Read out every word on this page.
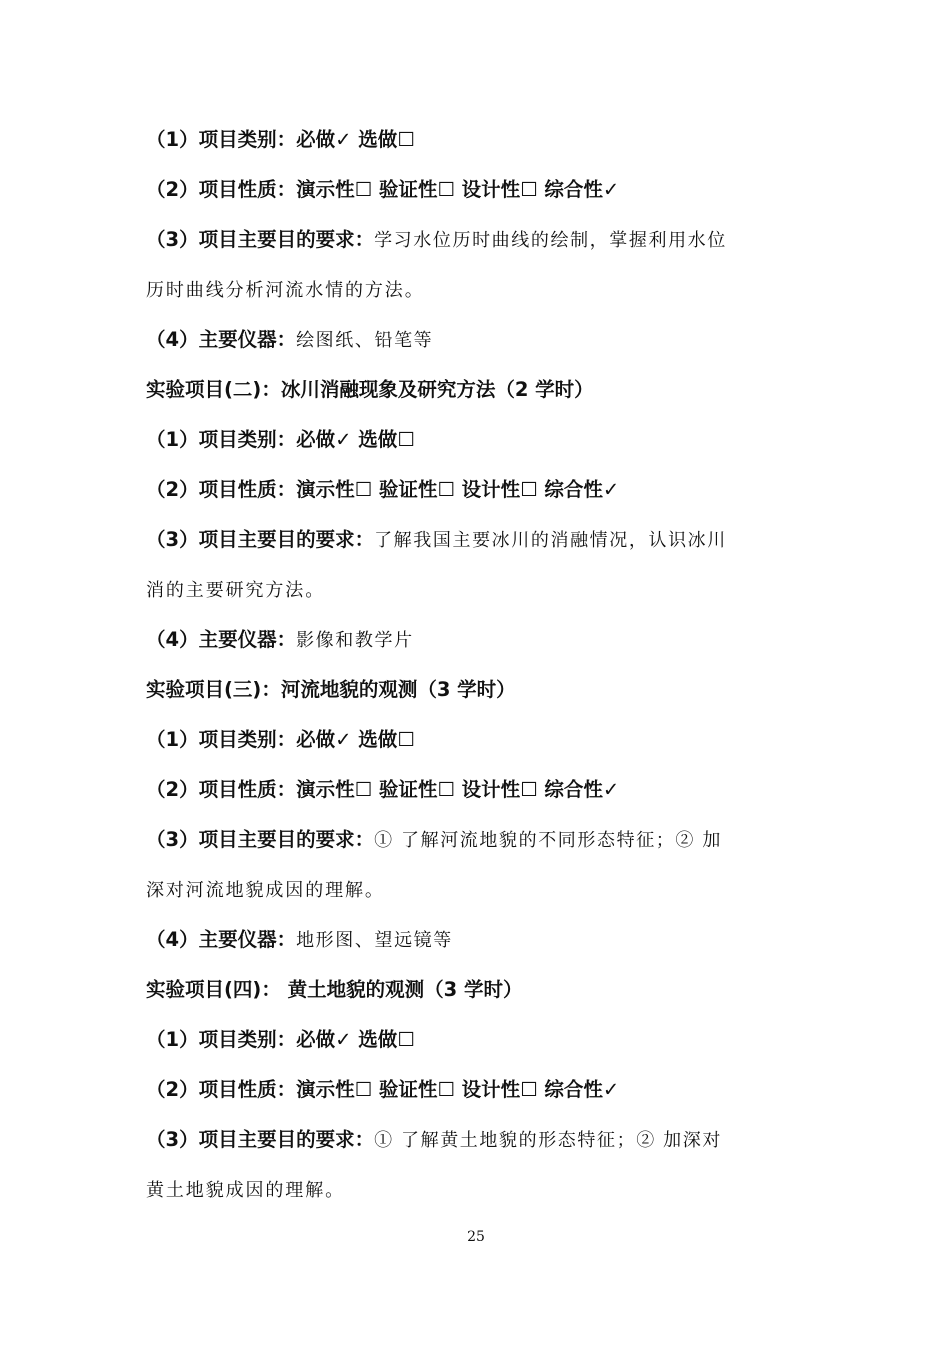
（1）项目类别：必做✓ 选做☐
（2）项目性质：演示性☐ 验证性☐ 设计性☐ 综合性✓
（3）项目主要目的要求：学习水位历时曲线的绘制，掌握利用水位
历时曲线分析河流水情的方法。
（4）主要仪器：绘图纸、铅笔等
实验项目(二)：冰川消融现象及研究方法（2 学时）
（1）项目类别：必做✓ 选做☐
（2）项目性质：演示性☐ 验证性☐ 设计性☐ 综合性✓
（3）项目主要目的要求：了解我国主要冰川的消融情况，认识冰川
消的主要研究方法。
（4）主要仪器：影像和教学片
实验项目(三)：河流地貌的观测（3 学时）
（1）项目类别：必做✓ 选做☐
（2）项目性质：演示性☐ 验证性☐ 设计性☐ 综合性✓
（3）项目主要目的要求：① 了解河流地貌的不同形态特征；② 加
深对河流地貌成因的理解。
（4）主要仪器：地形图、望远镜等
实验项目(四)： 黄土地貌的观测（3 学时）
（1）项目类别：必做✓ 选做☐
（2）项目性质：演示性☐ 验证性☐ 设计性☐ 综合性✓
（3）项目主要目的要求：① 了解黄土地貌的形态特征；② 加深对
黄土地貌成因的理解。
25
